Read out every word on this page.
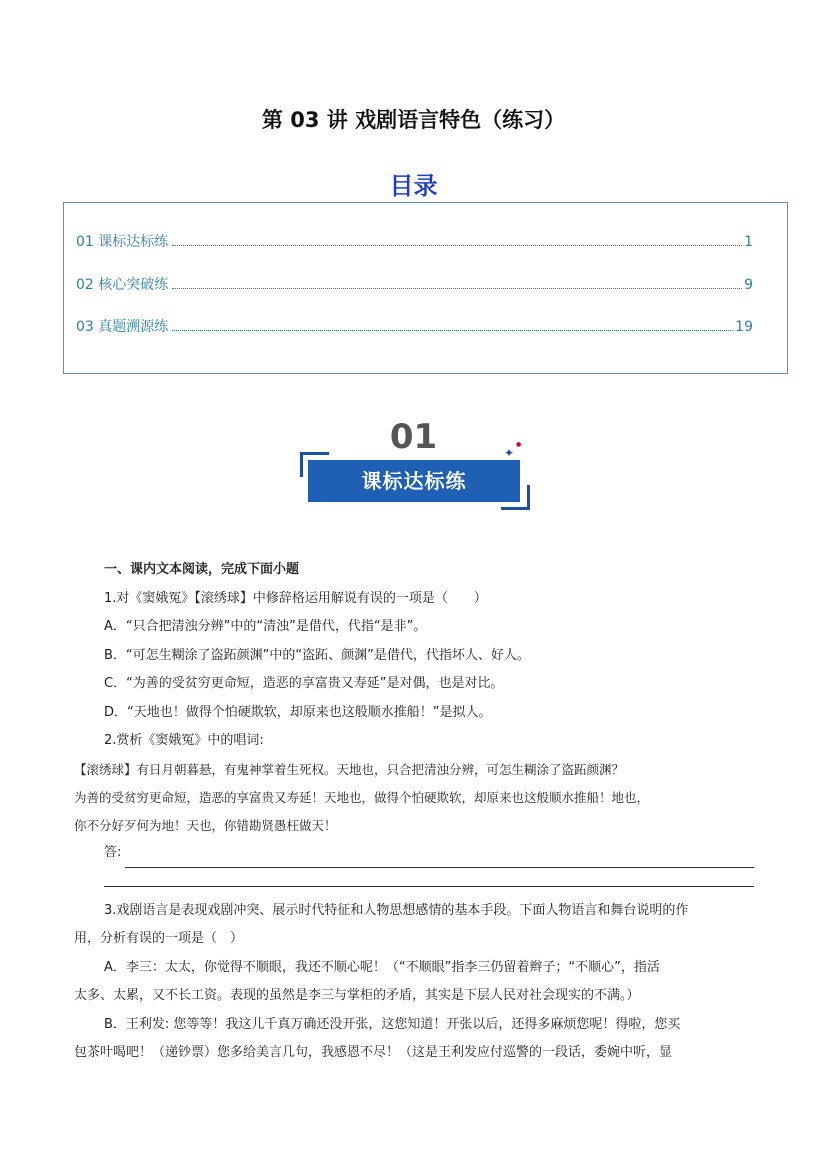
第 03 讲 戏剧语言特色（练习）
目录
01 课标达标练	1
02 核心突破练	9
03 真题溯源练	19
01
课标达标练
✦
●

一、课内文本阅读，完成下面小题

1.对《窦娥冤》【滚绣球】中修辞格运用解说有误的一项是（　　）

A．“只合把清浊分辨”中的“清浊”是借代，代指“是非”。

B．“可怎生糊涂了盗跖颜渊”中的“盗跖、颜渊”是借代，代指坏人、好人。

C．“为善的受贫穷更命短，造恶的享富贵又寿延”是对偶，也是对比。

D．“天地也！做得个怕硬欺软，却原来也这般顺水推船！”是拟人。

2.赏析《窦娥冤》中的唱词:

【滚绣球】有日月朝暮悬，有鬼神掌着生死权。天地也，只合把清浊分辨，可怎生糊涂了盗跖颜渊？

为善的受贫穷更命短，造恶的享富贵又寿延！天地也，做得个怕硬欺软，却原来也这般顺水推船！地也，

你不分好歹何为地！天也，你错勘贤愚枉做天！

答:

3.戏剧语言是表现戏剧冲突、展示时代特征和人物思想感情的基本手段。下面人物语言和舞台说明的作

用，分析有误的一项是（　）

A．李三：太太，你觉得不顺眼，我还不顺心呢！（“不顺眼”指李三仍留着辫子；“不顺心”，指活

太多、太累，又不长工资。表现的虽然是李三与掌柜的矛盾，其实是下层人民对社会现实的不满。）

B．王利发: 您等等！我这儿千真万确还没开张，这您知道！开张以后，还得多麻烦您呢！得啦，您买

包茶叶喝吧！（递钞票）您多给美言几句，我感恩不尽！（这是王利发应付巡警的一段话，委婉中听，显
